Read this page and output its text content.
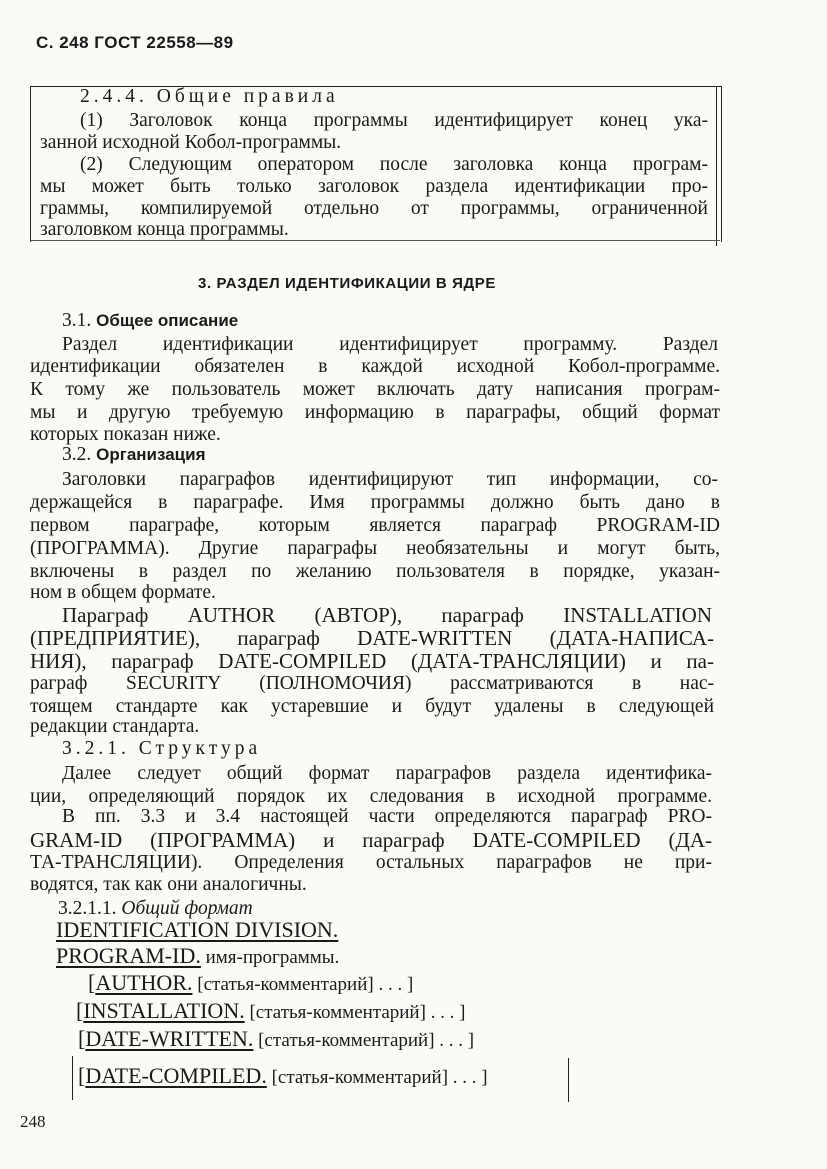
С. 248 ГОСТ 22558—89
2.4.4. Общие правила
(1) Заголовок конца программы идентифицирует конец ука-
занной исходной Кобол-программы.
(2) Следующим оператором после заголовка конца програм-
мы может быть только заголовок раздела идентификации про-
граммы, компилируемой отдельно от программы, ограниченной
заголовком конца программы.
3. РАЗДЕЛ ИДЕНТИФИКАЦИИ В ЯДРЕ
3.1. Общее описание
Раздел идентификации идентифицирует программу. Раздел
идентификации обязателен в каждой исходной Кобол-программе.
К тому же пользователь может включать дату написания програм-
мы и другую требуемую информацию в параграфы, общий формат
которых показан ниже.
3.2. Организация
Заголовки параграфов идентифицируют тип информации, со-
держащейся в параграфе. Имя программы должно быть дано в
первом параграфе, которым является параграф PROGRAM-ID
(ПРОГРАММА). Другие параграфы необязательны и могут быть,
включены в раздел по желанию пользователя в порядке, указан-
ном в общем формате.
Параграф AUTHOR (АВТОР), параграф INSTALLATION
(ПРЕДПРИЯТИЕ), параграф DATE-WRITTEN (ДАТА-НАПИСА-
НИЯ), параграф DATE-COMPILED (ДАТА-ТРАНСЛЯЦИИ) и па-
раграф SECURITY (ПОЛНОМОЧИЯ) рассматриваются в нас-
тоящем стандарте как устаревшие и будут удалены в следующей
редакции стандарта.
3.2.1. Структура
Далее следует общий формат параграфов раздела идентифика-
ции, определяющий порядок их следования в исходной программе.
В пп. 3.3 и 3.4 настоящей части определяются параграф PRO-
GRAM-ID (ПРОГРАММА) и параграф DATE-COMPILED (ДА-
ТА-ТРАНСЛЯЦИИ). Определения остальных параграфов не при-
водятся, так как они аналогичны.
3.2.1.1. Общий формат
IDENTIFICATION DIVISION.
PROGRAM-ID. имя-программы.
[AUTHOR. [статья-комментарий] . . . ]
[INSTALLATION. [статья-комментарий] . . . ]
[DATE-WRITTEN. [статья-комментарий] . . . ]
[DATE-COMPILED. [статья-комментарий] . . . ]
248
